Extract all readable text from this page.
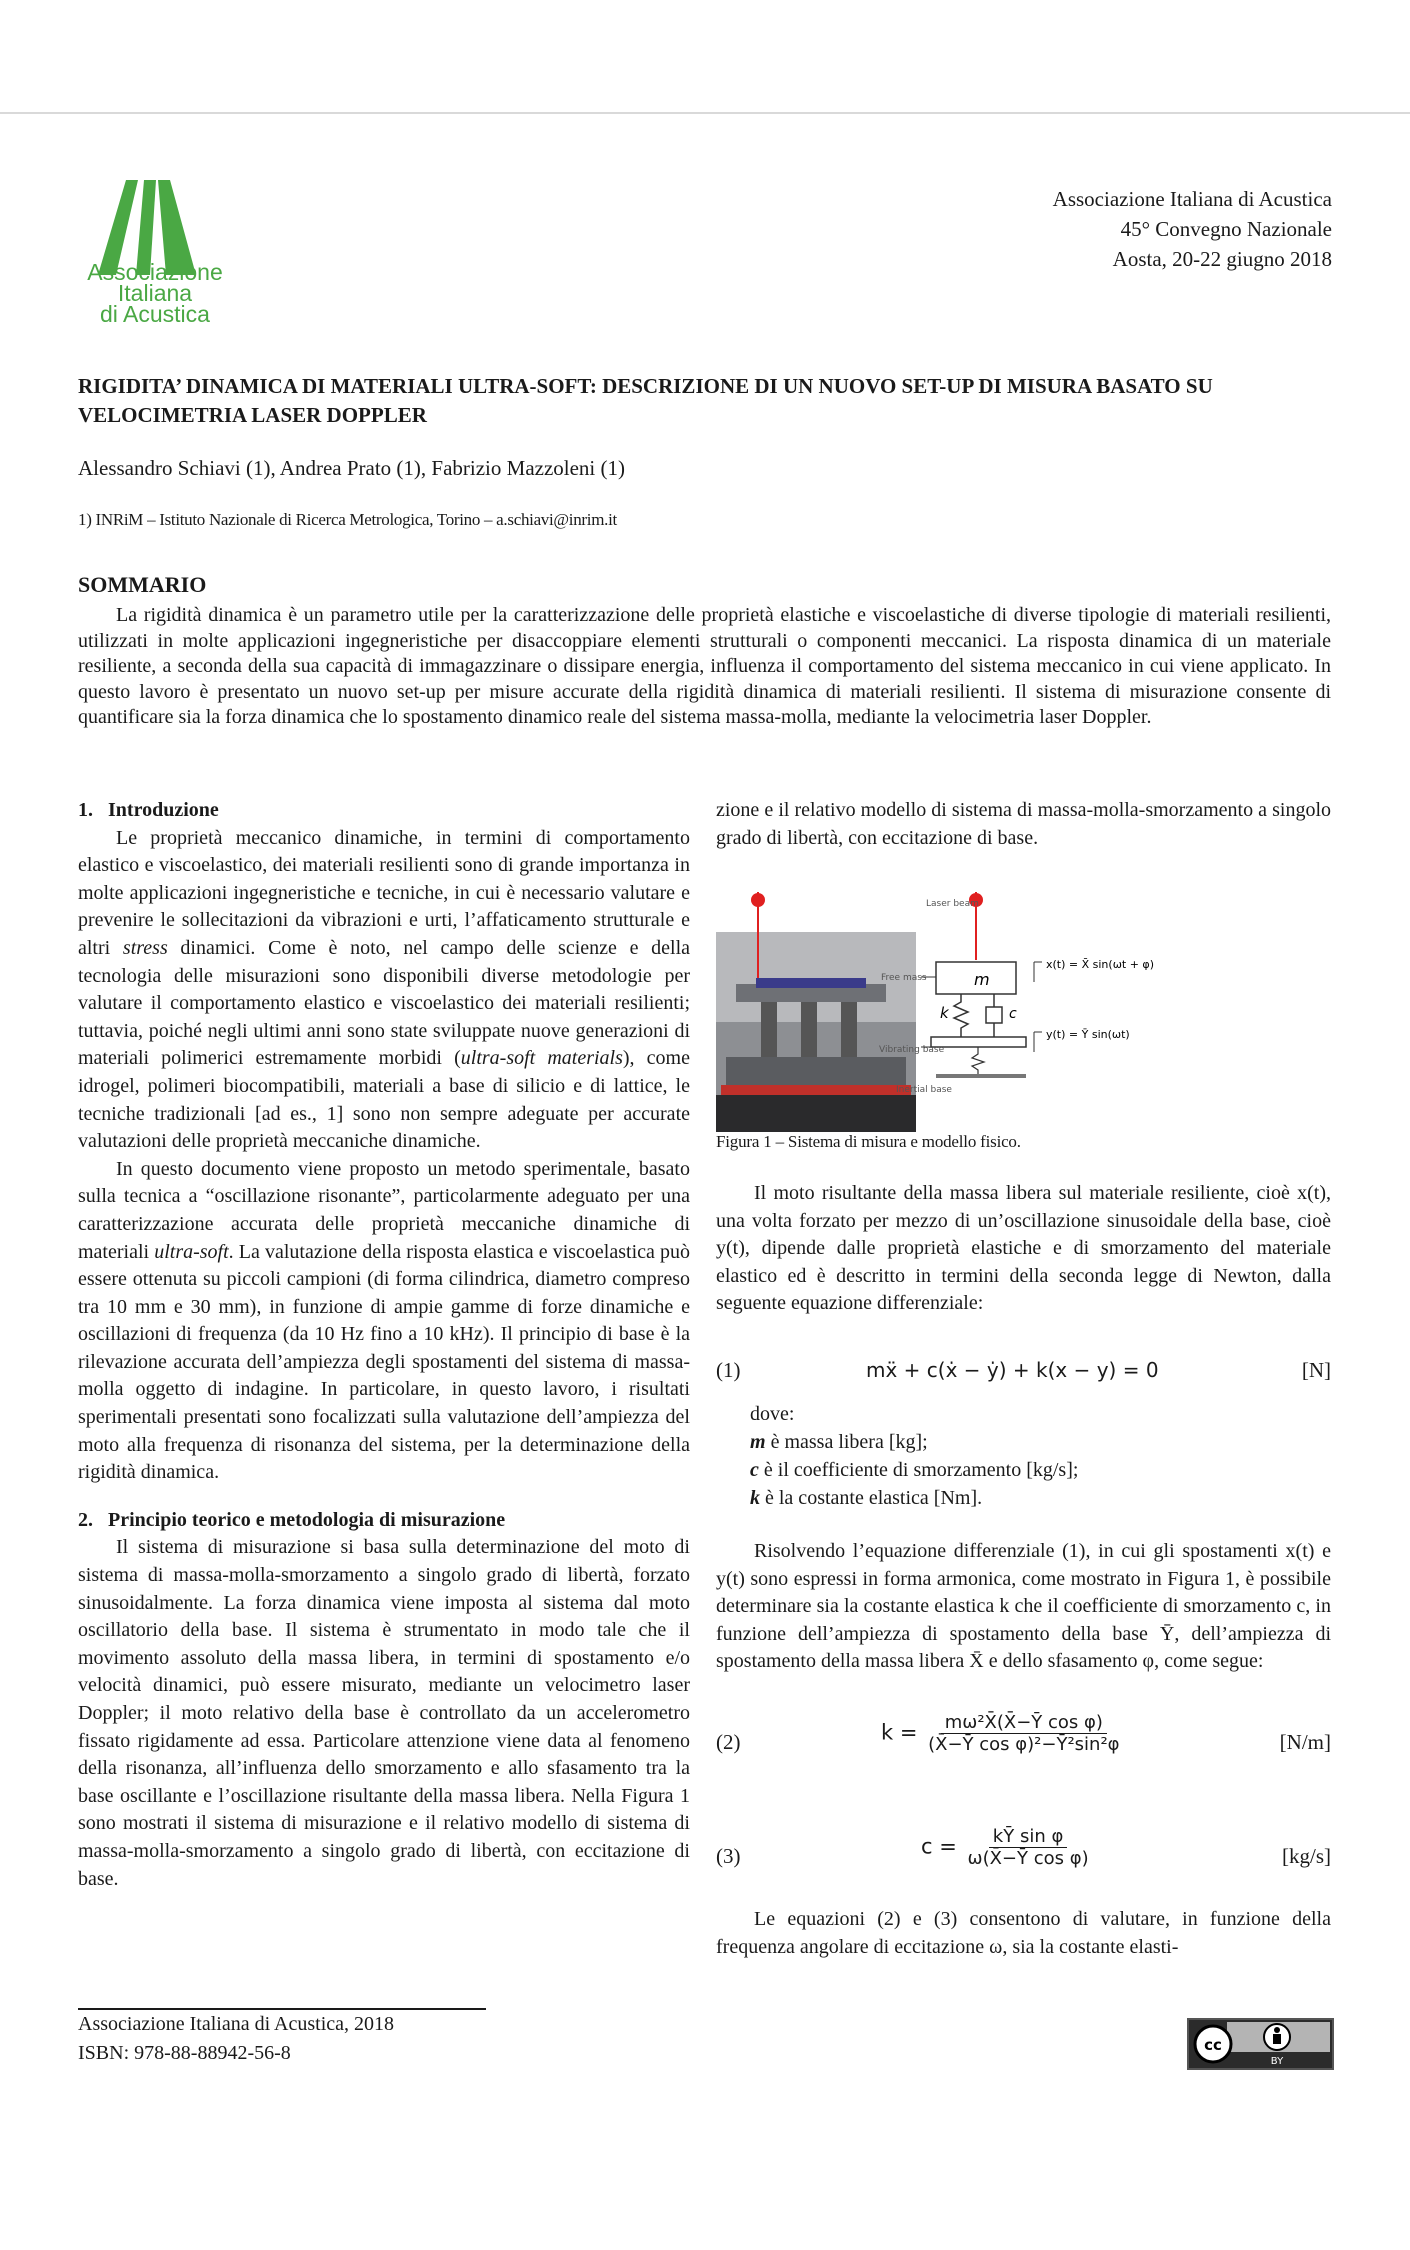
Associazione
Italiana
di Acustica
Associazione Italiana di Acustica
45° Convegno Nazionale
Aosta, 20-22 giugno 2018
RIGIDITA’ DINAMICA DI MATERIALI ULTRA-SOFT: DESCRIZIONE DI UN NUOVO SET-UP DI MISURA BASATO SU VELOCIMETRIA LASER DOPPLER
Alessandro Schiavi (1), Andrea Prato (1), Fabrizio Mazzoleni (1)
1) INRiM – Istituto Nazionale di Ricerca Metrologica, Torino – a.schiavi@inrim.it
SOMMARIO
La rigidità dinamica è un parametro utile per la caratterizzazione delle proprietà elastiche e viscoelastiche di diverse tipologie di materiali resilienti, utilizzati in molte applicazioni ingegneristiche per disaccoppiare elementi strutturali o componenti meccanici. La risposta dinamica di un materiale resiliente, a seconda della sua capacità di immagazzinare o dissipare energia, influenza il comportamento del sistema meccanico in cui viene applicato. In questo lavoro è presentato un nuovo set-up per misure accurate della rigidità dinamica di materiali resilienti. Il sistema di misurazione consente di quantificare sia la forza dinamica che lo spostamento dinamico reale del sistema massa-molla, mediante la velocimetria laser Doppler.
1.   Introduzione

Le proprietà meccanico dinamiche, in termini di comportamento elastico e viscoelastico, dei materiali resilienti sono di grande importanza in molte applicazioni ingegneristiche e tecniche, in cui è necessario valutare e prevenire le sollecitazioni da vibrazioni e urti, l’affaticamento strutturale e altri stress dinamici. Come è noto, nel campo delle scienze e della tecnologia delle misurazioni sono disponibili diverse metodologie per valutare il comportamento elastico e viscoelastico dei materiali resilienti; tuttavia, poiché negli ultimi anni sono state sviluppate nuove generazioni di materiali polimerici estremamente morbidi (ultra-soft materials), come idrogel, polimeri biocompatibili, materiali a base di silicio e di lattice, le tecniche tradizionali [ad es., 1] sono non sempre adeguate per accurate valutazioni delle proprietà meccaniche dinamiche.

In questo documento viene proposto un metodo sperimentale, basato sulla tecnica a “oscillazione risonante”, particolarmente adeguato per una caratterizzazione accurata delle proprietà meccaniche dinamiche di materiali ultra-soft. La valutazione della risposta elastica e viscoelastica può essere ottenuta su piccoli campioni (di forma cilindrica, diametro compreso tra 10 mm e 30 mm), in funzione di ampie gamme di forze dinamiche e oscillazioni di frequenza (da 10 Hz fino a 10 kHz). Il principio di base è la rilevazione accurata dell’ampiezza degli spostamenti del sistema di massa-molla oggetto di indagine. In particolare, in questo lavoro, i risultati sperimentali presentati sono focalizzati sulla valutazione dell’ampiezza del moto alla frequenza di risonanza del sistema, per la determinazione della rigidità dinamica.

2.   Principio teorico e metodologia di misurazione

Il sistema di misurazione si basa sulla determinazione del moto di sistema di massa-molla-smorzamento a singolo grado di libertà, forzato sinusoidalmente. La forza dinamica viene imposta al sistema dal moto oscillatorio della base. Il sistema è strumentato in modo tale che il movimento assoluto della massa libera, in termini di spostamento e/o velocità dinamici, può essere misurato, mediante un velocimetro laser Doppler; il moto relativo della base è controllato da un accelerometro fissato rigidamente ad essa. Particolare attenzione viene data al fenomeno della risonanza, all’influenza dello smorzamento e allo sfasamento tra la base oscillante e l’oscillazione risultante della massa libera. Nella Figura 1 sono mostrati il sistema di misurazione e il relativo modello di sistema di massa-molla-smorzamento a singolo grado di libertà, con eccitazione di base.

Laser beam
m
Free mass
k	c
Vibrating base
Inertial base
x(t) = X̄ sin(ωt + φ)
y(t) = Ȳ sin(ωt)
Figura 1 – Sistema di misura e modello fisico.

zione e il relativo modello di sistema di massa-molla-smorzamento a singolo grado di libertà, con eccitazione di base.

Il moto risultante della massa libera sul materiale resiliente, cioè x(t), una volta forzato per mezzo di un’oscillazione sinusoidale della base, cioè y(t), dipende dalle proprietà elastiche e di smorzamento del materiale elastico ed è descritto in termini della seconda legge di Newton, dalla seguente equazione differenziale:

(1)	mẍ + c(ẋ − ẏ) + k(x − y) = 0	[N]
dove:
m è massa libera [kg];
c è il coefficiente di smorzamento [kg/s];
k è la costante elastica [Nm].

Risolvendo l’equazione differenziale (1), in cui gli spostamenti x(t) e y(t) sono espressi in forma armonica, come mostrato in Figura 1, è possibile determinare sia la costante elastica k che il coefficiente di smorzamento c, in funzione dell’ampiezza di spostamento della base Ȳ, dell’ampiezza di spostamento della massa libera X̄ e dello sfasamento φ, come segue:

(2)	$k = \frac{\text{mω²X̄(X̄−Ȳ cos φ)}}{\text{(X̄−Ȳ cos φ)²−Ȳ²sin²φ}}$	[N/m]
(3)	$c = \frac{\text{kȲ sin φ}}{\text{ω(X̄−Ȳ cos φ)}}$	[kg/s]

Le equazioni (2) e (3) consentono di valutare, in funzione della frequenza angolare di eccitazione ω, sia la costante elasti-

Associazione Italiana di Acustica, 2018
ISBN: 978-88-88942-56-8	cc
BY
